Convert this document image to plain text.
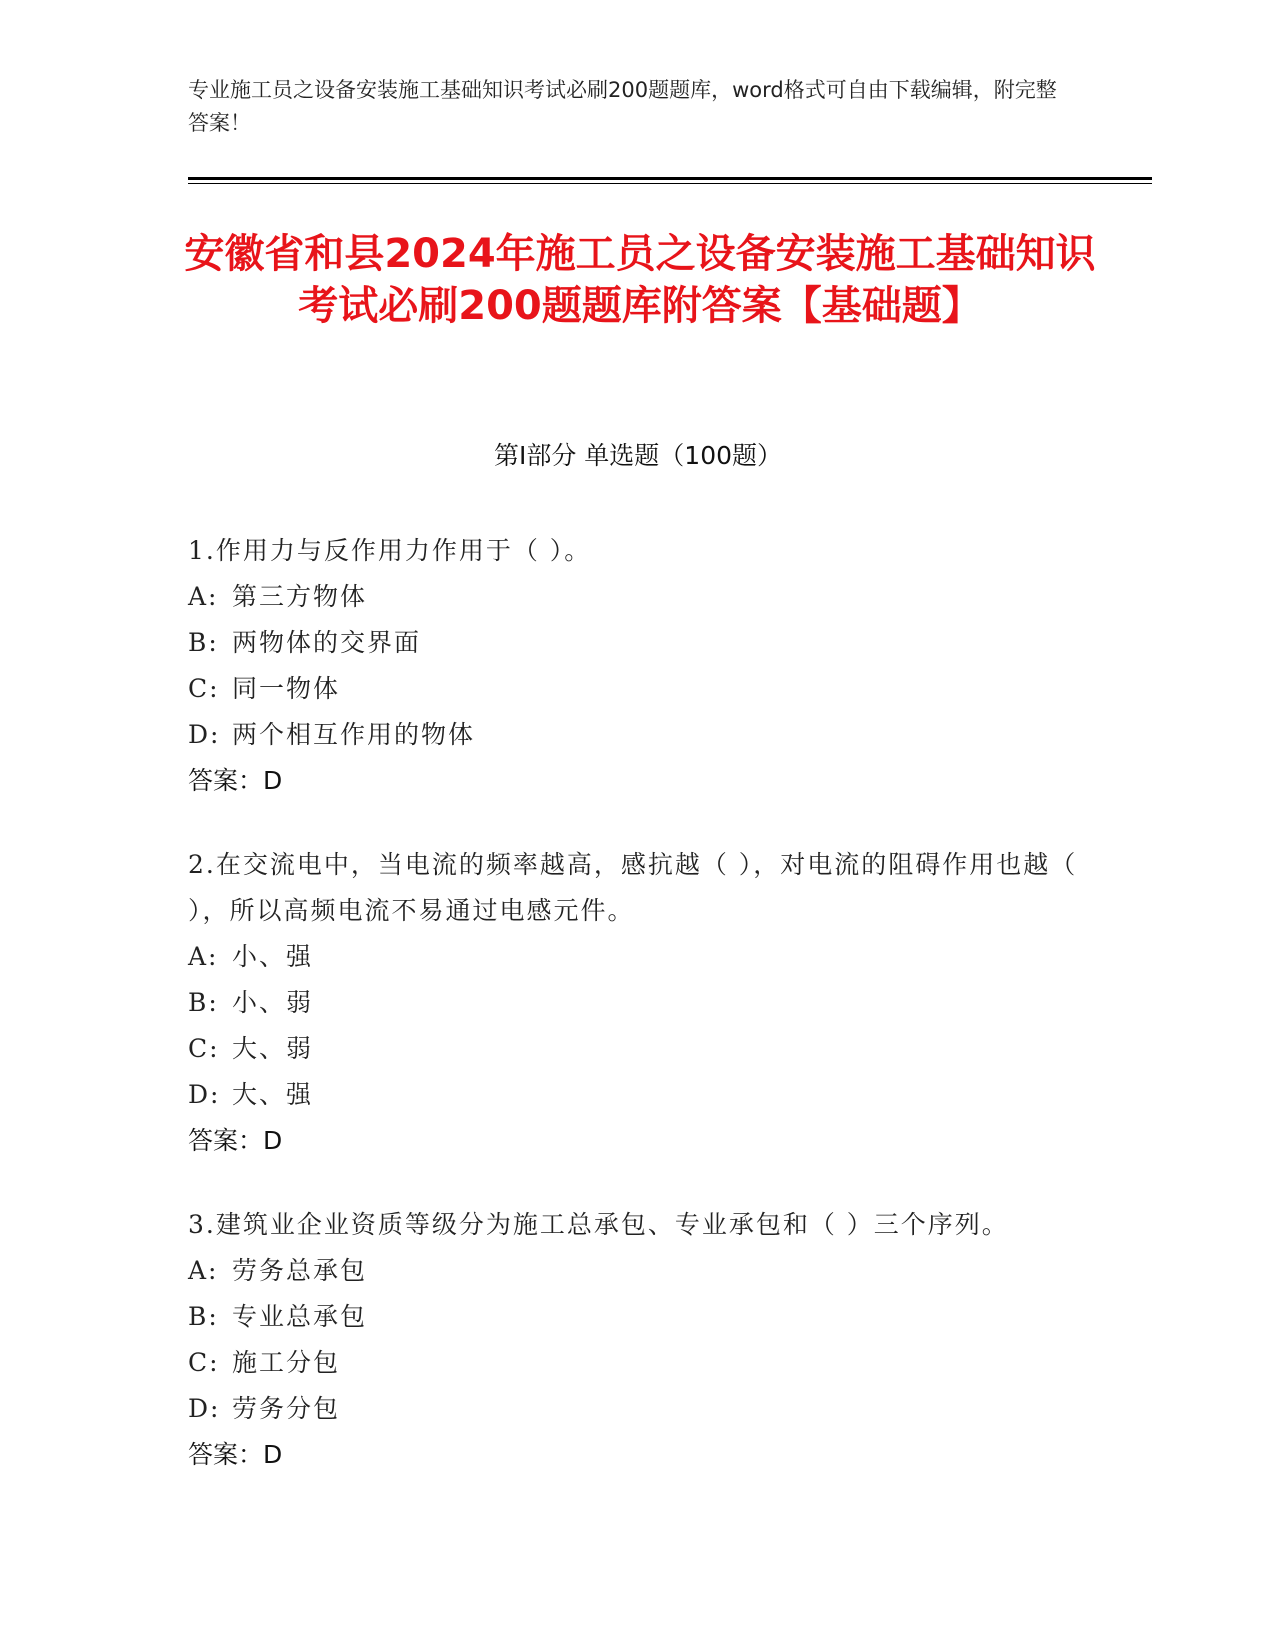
专业施工员之设备安装施工基础知识考试必刷200题题库，word格式可自由下载编辑，附完整答案！
安徽省和县2024年施工员之设备安装施工基础知识考试必刷200题题库附答案【基础题】
第Ⅰ部分 单选题（100题）
1.作用力与反作用力作用于（ ）。
A: 第三方物体
B: 两物体的交界面
C: 同一物体
D: 两个相互作用的物体
答案：D
2.在交流电中，当电流的频率越高，感抗越（ ），对电流的阻碍作用也越（ ），所以高频电流不易通过电感元件。
A: 小、强
B: 小、弱
C: 大、弱
D: 大、强
答案：D
3.建筑业企业资质等级分为施工总承包、专业承包和（ ）三个序列。
A: 劳务总承包
B: 专业总承包
C: 施工分包
D: 劳务分包
答案：D
